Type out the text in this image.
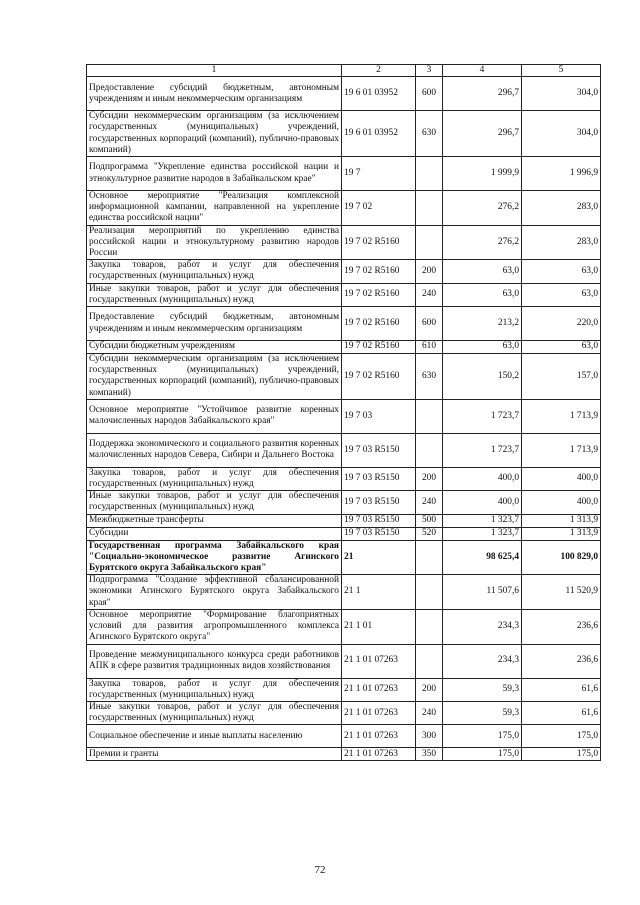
1	2	3	4	5
Предоставление субсидий бюджетным, автономным учреждениям и иным некоммерческим организациям	19 6 01 03952	600	296,7	304,0
Субсидии некоммерческим организациям (за исключением государственных (муниципальных) учреждений, государственных корпораций (компаний), публично-правовых компаний)	19 6 01 03952	630	296,7	304,0
Подпрограмма "Укрепление единства российской нации и этнокультурное развитие народов в Забайкальском крае"	19 7		1 999,9	1 996,9
Основное мероприятие "Реализация комплексной информационной кампании, направленной на укрепление единства российской нации"	19 7 02		276,2	283,0
Реализация мероприятий по укреплению единства российской нации и этнокультурному развитию народов России	19 7 02 R5160		276,2	283,0
Закупка товаров, работ и услуг для обеспечения государственных (муниципальных) нужд	19 7 02 R5160	200	63,0	63,0
Иные закупки товаров, работ и услуг для обеспечения государственных (муниципальных) нужд	19 7 02 R5160	240	63,0	63,0
Предоставление субсидий бюджетным, автономным учреждениям и иным некоммерческим организациям	19 7 02 R5160	600	213,2	220,0
Субсидии бюджетным учреждениям	19 7 02 R5160	610	63,0	63,0
Субсидии некоммерческим организациям (за исключением государственных (муниципальных) учреждений, государственных корпораций (компаний), публично-правовых компаний)	19 7 02 R5160	630	150,2	157,0
Основное мероприятие "Устойчивое развитие коренных малочисленных народов Забайкальского края"	19 7 03		1 723,7	1 713,9
Поддержка экономического и социального развития коренных малочисленных народов Севера, Сибири и Дальнего Востока	19 7 03 R5150		1 723,7	1 713,9
Закупка товаров, работ и услуг для обеспечения государственных (муниципальных) нужд	19 7 03 R5150	200	400,0	400,0
Иные закупки товаров, работ и услуг для обеспечения государственных (муниципальных) нужд	19 7 03 R5150	240	400,0	400,0
Межбюджетные трансферты	19 7 03 R5150	500	1 323,7	1 313,9
Субсидии	19 7 03 R5150	520	1 323,7	1 313,9
Государственная программа Забайкальского края "Социально-экономическое развитие Агинского Бурятского округа Забайкальского края"	21		98 625,4	100 829,0
Подпрограмма "Создание эффективной сбалансированной экономики Агинского Бурятского округа Забайкальского края"	21 1		11 507,6	11 520,9
Основное мероприятие "Формирование благоприятных условий для развития агропромышленного комплекса Агинского Бурятского округа"	21 1 01		234,3	236,6
Проведение межмуниципального конкурса среди работников АПК в сфере развития традиционных видов хозяйствования	21 1 01 07263		234,3	236,6
Закупка товаров, работ и услуг для обеспечения государственных (муниципальных) нужд	21 1 01 07263	200	59,3	61,6
Иные закупки товаров, работ и услуг для обеспечения государственных (муниципальных) нужд	21 1 01 07263	240	59,3	61,6
Социальное обеспечение и иные выплаты населению	21 1 01 07263	300	175,0	175,0
Премии и гранты	21 1 01 07263	350	175,0	175,0
72
